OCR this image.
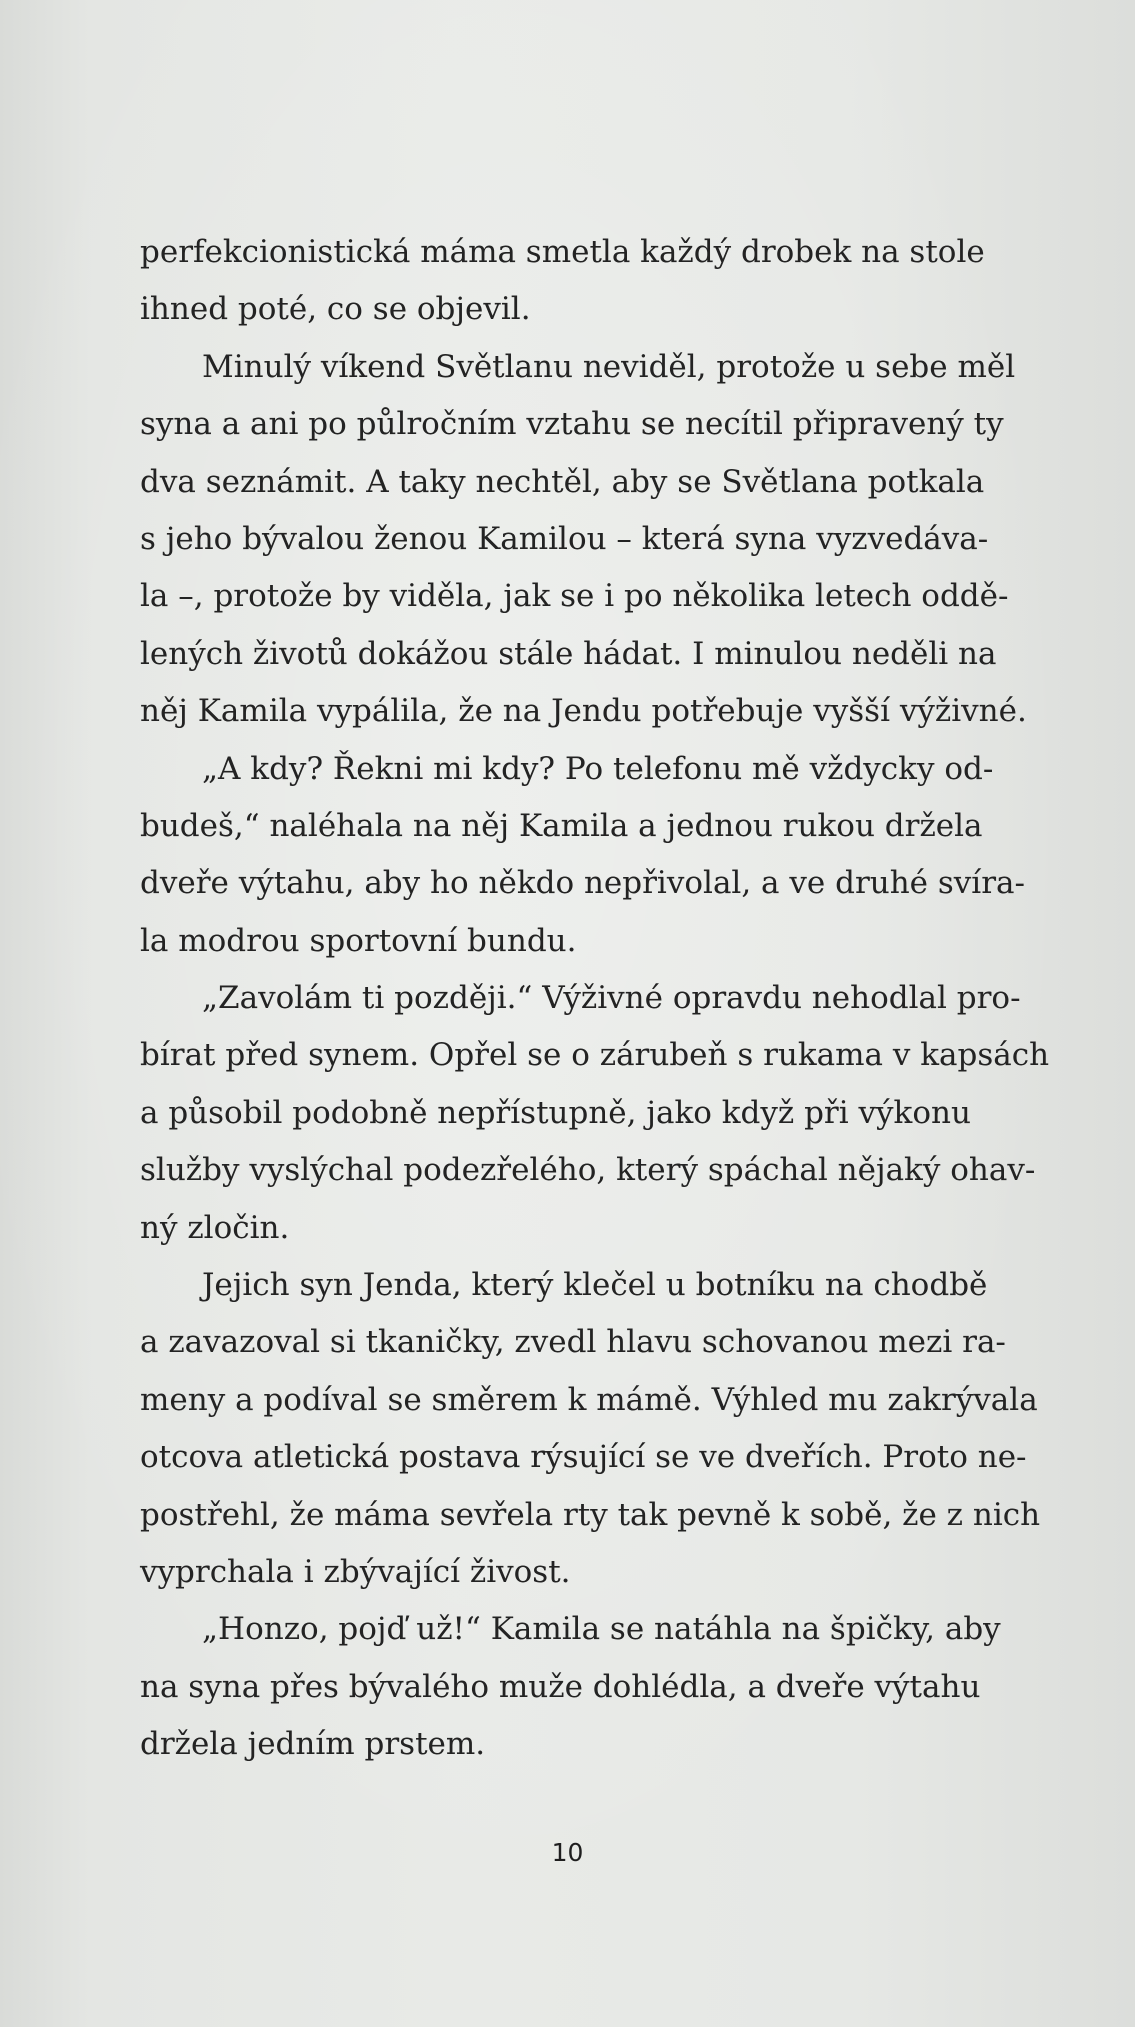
perfekcionistická máma smetla každý drobek na stole
ihned poté, co se objevil.
Minulý víkend Světlanu neviděl, protože u sebe měl
syna a ani po půlročním vztahu se necítil připravený ty
dva seznámit. A taky nechtěl, aby se Světlana potkala
s jeho bývalou ženou Kamilou – která syna vyzvedáva-
la –, protože by viděla, jak se i po několika letech oddě-
lených životů dokážou stále hádat. I minulou neděli na
něj Kamila vypálila, že na Jendu potřebuje vyšší výživné.
„A kdy? Řekni mi kdy? Po telefonu mě vždycky od-
budeš,“ naléhala na něj Kamila a jednou rukou držela
dveře výtahu, aby ho někdo nepřivolal, a ve druhé svíra-
la modrou sportovní bundu.
„Zavolám ti později.“ Výživné opravdu nehodlal pro-
bírat před synem. Opřel se o zárubeň s rukama v kapsách
a působil podobně nepřístupně, jako když při výkonu
služby vyslýchal podezřelého, který spáchal nějaký ohav-
ný zločin.
Jejich syn Jenda, který klečel u botníku na chodbě
a zavazoval si tkaničky, zvedl hlavu schovanou mezi ra-
meny a podíval se směrem k mámě. Výhled mu zakrývala
otcova atletická postava rýsující se ve dveřích. Proto ne-
postřehl, že máma sevřela rty tak pevně k sobě, že z nich
vyprchala i zbývající živost.
„Honzo, pojď už!“ Kamila se natáhla na špičky, aby
na syna přes bývalého muže dohlédla, a dveře výtahu
držela jedním prstem.
10
